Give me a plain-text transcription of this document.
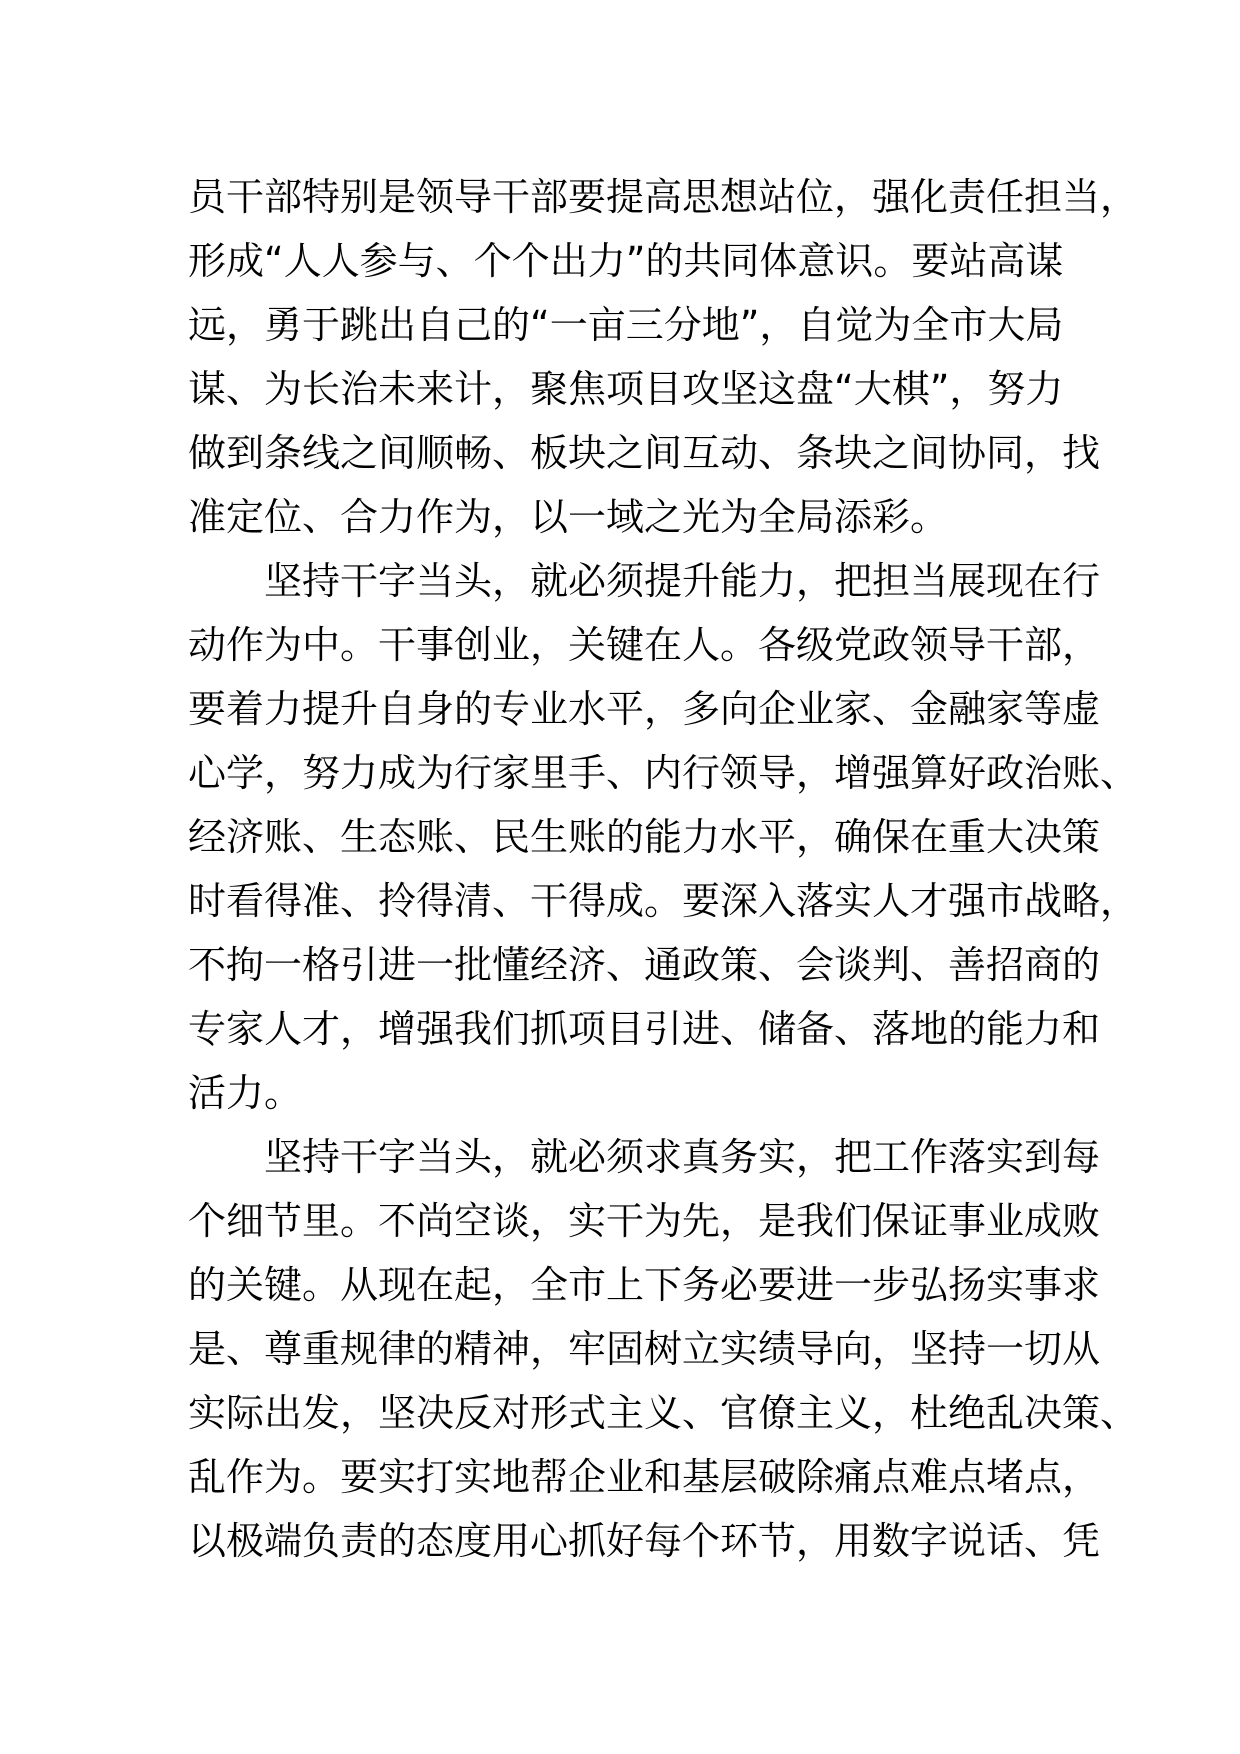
员干部特别是领导干部要提高思想站位，强化责任担当，
形成“人人参与、个个出力”的共同体意识。要站高谋
远，勇于跳出自己的“一亩三分地”，自觉为全市大局
谋、为长治未来计，聚焦项目攻坚这盘“大棋”，努力
做到条线之间顺畅、板块之间互动、条块之间协同，找
准定位、合力作为，以一域之光为全局添彩。
坚持干字当头，就必须提升能力，把担当展现在行
动作为中。干事创业，关键在人。各级党政领导干部，
要着力提升自身的专业水平，多向企业家、金融家等虚
心学，努力成为行家里手、内行领导，增强算好政治账、
经济账、生态账、民生账的能力水平，确保在重大决策
时看得准、拎得清、干得成。要深入落实人才强市战略，
不拘一格引进一批懂经济、通政策、会谈判、善招商的
专家人才，增强我们抓项目引进、储备、落地的能力和
活力。
坚持干字当头，就必须求真务实，把工作落实到每
个细节里。不尚空谈，实干为先，是我们保证事业成败
的关键。从现在起，全市上下务必要进一步弘扬实事求
是、尊重规律的精神，牢固树立实绩导向，坚持一切从
实际出发，坚决反对形式主义、官僚主义，杜绝乱决策、
乱作为。要实打实地帮企业和基层破除痛点难点堵点，
以极端负责的态度用心抓好每个环节，用数字说话、凭
